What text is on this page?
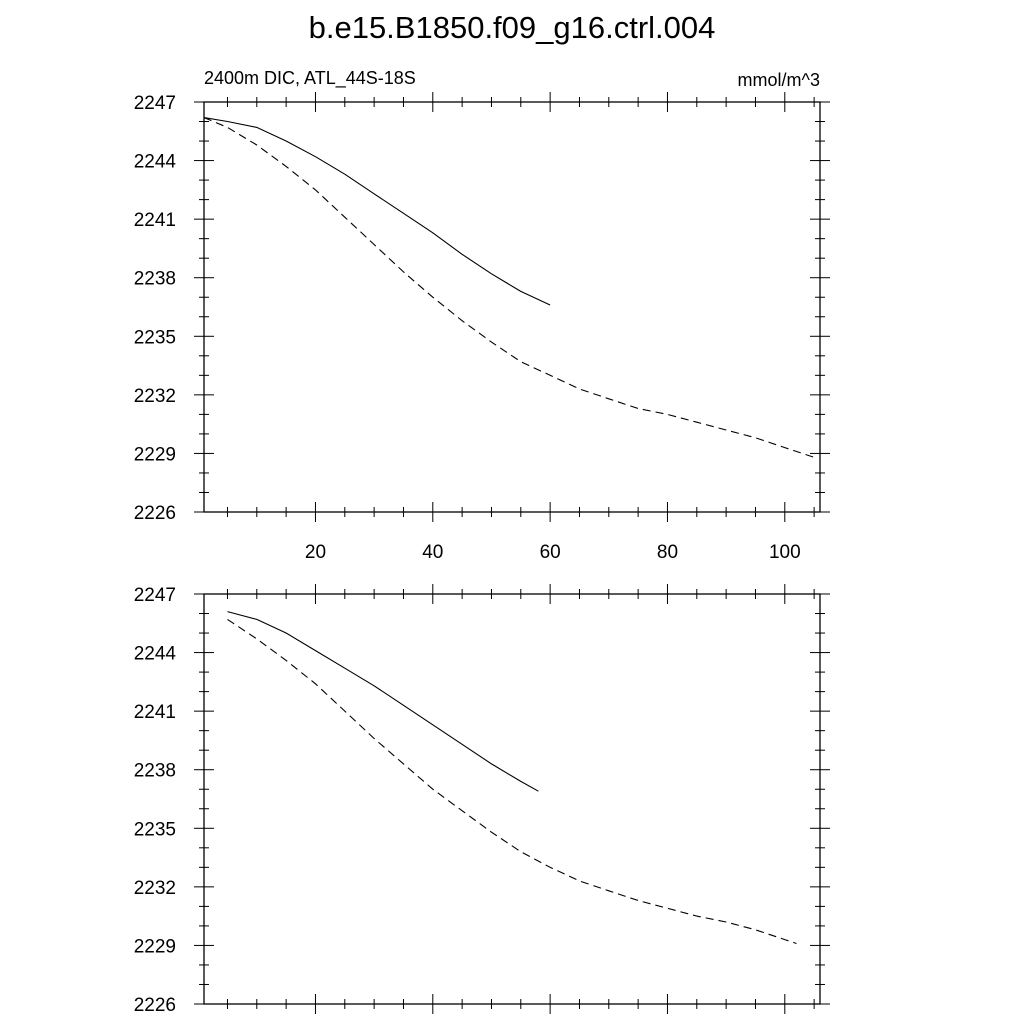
b.e15.B1850.f09_g16.ctrl.004
2400m DIC, ATL_44S-18S	mmol/m^3
2226
2229
2232
2235
2238
2241
2244
2247
20	40	60	80	100
2226
2229
2232
2235
2238
2241
2244
2247
